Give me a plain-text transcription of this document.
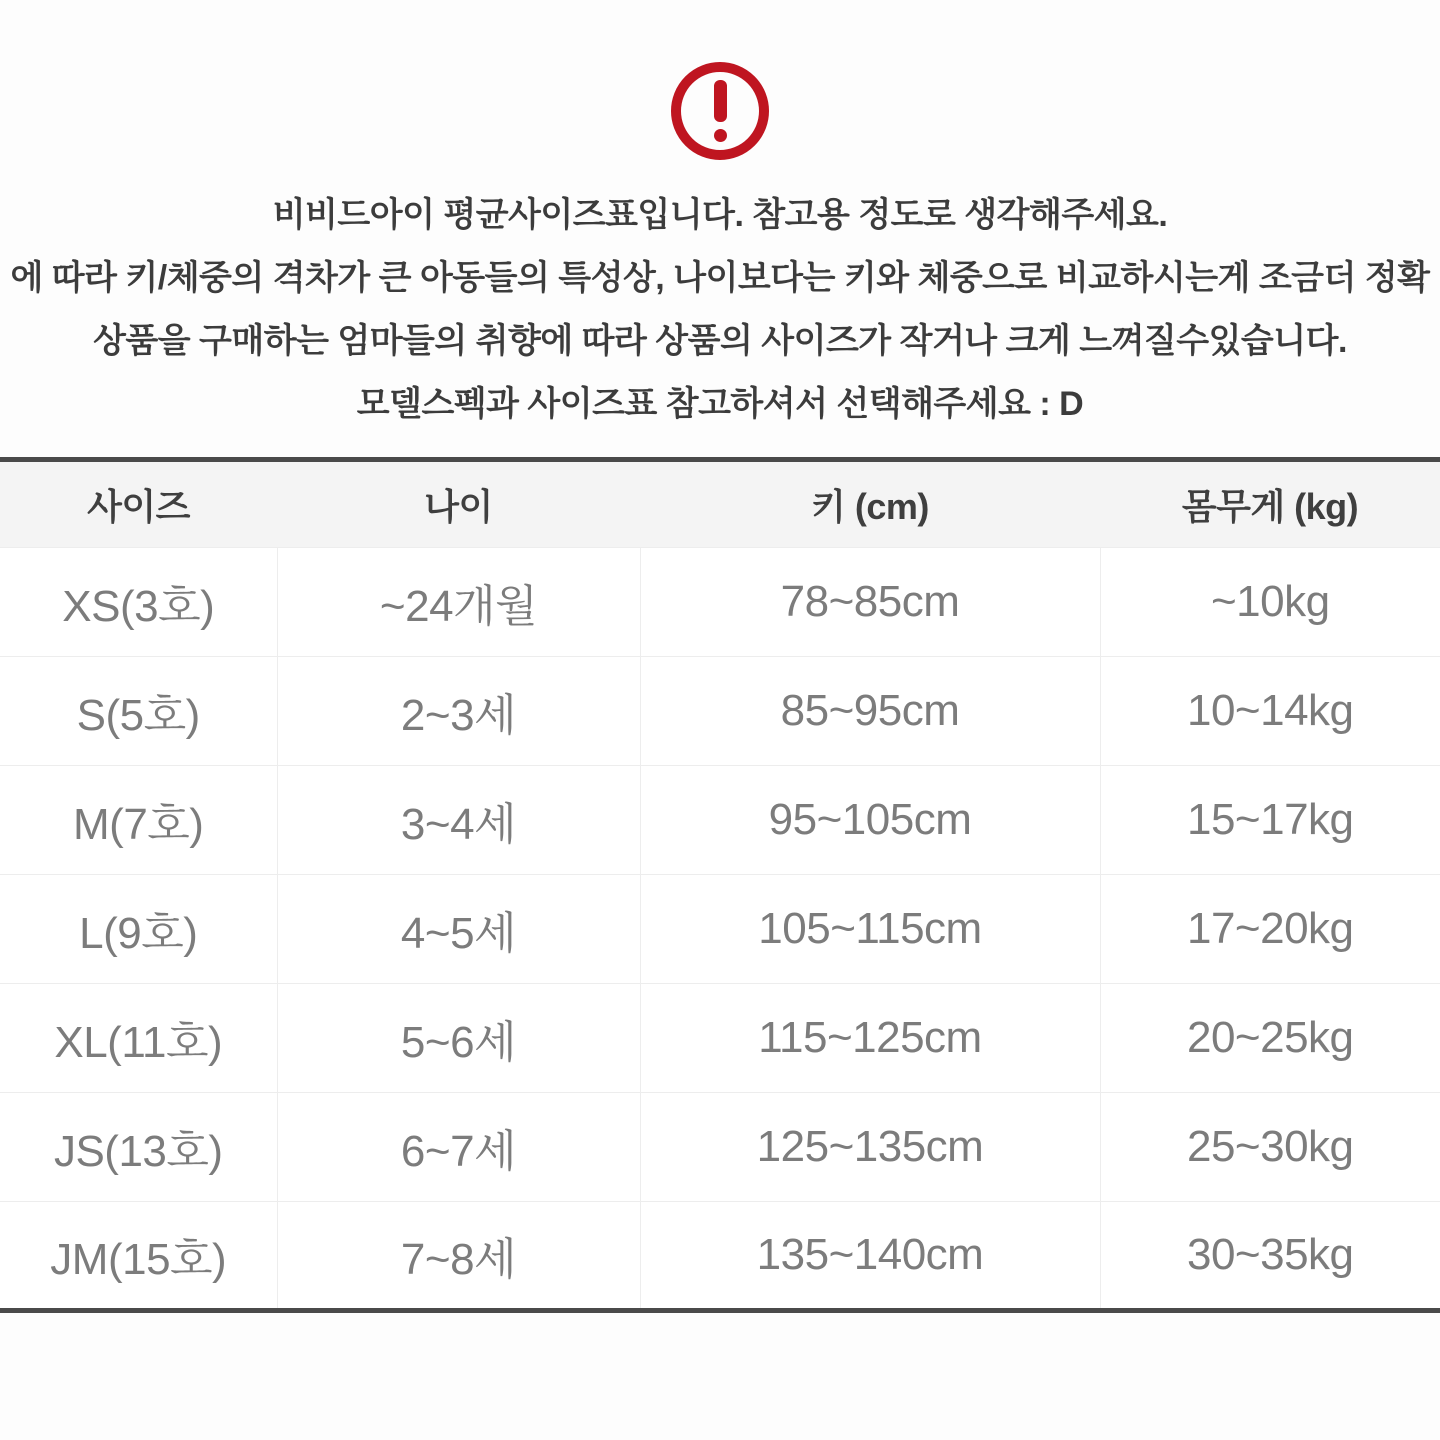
비비드아이 평균사이즈표입니다. 참고용 정도로 생각해주세요.

에 따라 키/체중의 격차가 큰 아동들의 특성상, 나이보다는 키와 체중으로 비교하시는게 조금더 정확

상품을 구매하는 엄마들의 취향에 따라 상품의 사이즈가 작거나 크게 느껴질수있습니다.

모델스펙과 사이즈표 참고하셔서 선택해주세요 : D

사이즈	나이	키 (cm)	몸무게 (kg)
XS(3호)	~24개월	78~85cm	~10kg
S(5호)	2~3세	85~95cm	10~14kg
M(7호)	3~4세	95~105cm	15~17kg
L(9호)	4~5세	105~115cm	17~20kg
XL(11호)	5~6세	115~125cm	20~25kg
JS(13호)	6~7세	125~135cm	25~30kg
JM(15호)	7~8세	135~140cm	30~35kg
